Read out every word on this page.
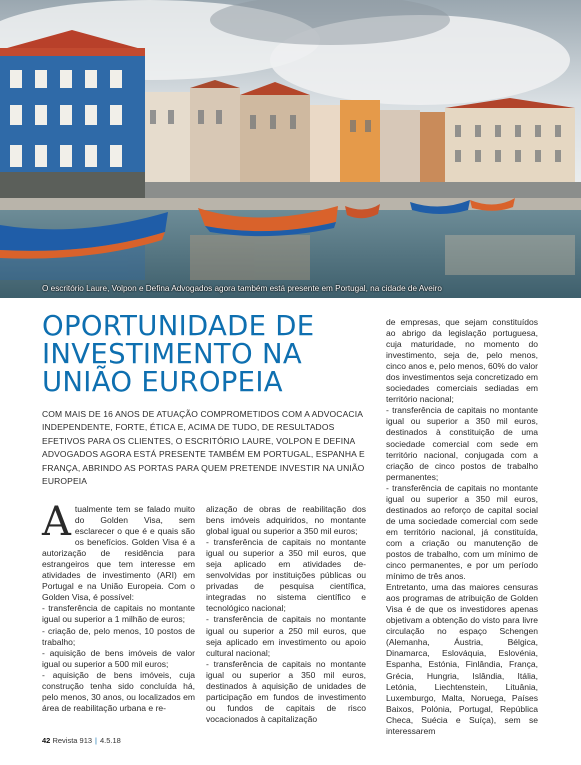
O escritório Laure, Volpon e Defina Advogados agora também está presente em Portugal, na cidade de Aveiro
OPORTUNIDADE DE
INVESTIMENTO NA
UNIÃO EUROPEIA

COM MAIS DE 16 ANOS DE ATUAÇÃO COMPROMETIDOS COM A ADVOCACIA INDEPENDENTE, FORTE, ÉTICA E, ACIMA DE TUDO, DE RESULTADOS EFETIVOS PARA OS CLIENTES, O ESCRITÓRIO LAURE, VOLPON E DEFINA ADVOGADOS AGORA ESTÁ PRESENTE TAMBÉM EM PORTUGAL, ESPANHA E FRANÇA, ABRINDO AS PORTAS PARA QUEM PRETENDE INVESTIR NA UNIÃO EUROPEIA

Atualmente tem se falado muito do Golden Visa, sem esclarecer o que é e quais são os benefícios. Golden Visa é a autorização de residência para estrangeiros que tem interesse em atividades de investimento (ARI) em Portugal e na União Europeia. Com o Golden Visa, é possível:

- transferência de capitais no montante igual ou superior a 1 milhão de euros;

- criação de, pelo menos, 10 postos de trabalho;

- aquisição de bens imóveis de valor igual ou superior a 500 mil euros;

- aquisição de bens imóveis, cuja construção tenha sido concluída há, pelo menos, 30 anos, ou localizados em área de reabilitação urbana e re-

alização de obras de reabilitação dos bens imóveis adquiridos, no montante global igual ou superior a 350 mil euros;

- transferência de capitais no montante igual ou superior a 350 mil euros, que seja aplicado em atividades de-senvolvidas por instituições públicas ou privadas de pesquisa científica, integradas no sistema científico e tecnológico nacional;

- transferência de capitais no montante igual ou superior a 250 mil euros, que seja aplicado em investimento ou apoio cultural nacional;

- transferência de capitais no montante igual ou superior a 350 mil euros, destinados à aquisição de unidades de participação em fundos de investimento ou fundos de capitais de risco vocacionados à capitalização

de empresas, que sejam constituídos ao abrigo da legislação portuguesa, cuja maturidade, no momento do investimento, seja de, pelo menos, cinco anos e, pelo menos, 60% do valor dos investimentos seja concretizado em sociedades comerciais sediadas em território nacional;

- transferência de capitais no montante igual ou superior a 350 mil euros, destinados à constituição de uma sociedade comercial com sede em território nacional, conjugada com a criação de cinco postos de trabalho permanentes;

- transferência de capitais no montante igual ou superior a 350 mil euros, destinados ao reforço de capital social de uma sociedade comercial com sede em território nacional, já constituída, com a criação ou manutenção de postos de trabalho, com um mínimo de cinco permanentes, e por um período mínimo de três anos.

Entretanto, uma das maiores censuras aos programas de atribuição de Golden Visa é de que os investidores apenas objetivam a obtenção do visto para livre circulação no espaço Schengen (Alemanha, Áustria, Bélgica, Dinamarca, Eslováquia, Eslovénia, Espanha, Estónia, Finlândia, França, Grécia, Hungria, Islândia, Itália, Letónia, Liechtenstein, Lituânia, Luxemburgo, Malta, Noruega, Países Baixos, Polónia, Portugal, República Checa, Suécia e Suíça), sem se interessarem

42 Revista 913 | 4.5.18
